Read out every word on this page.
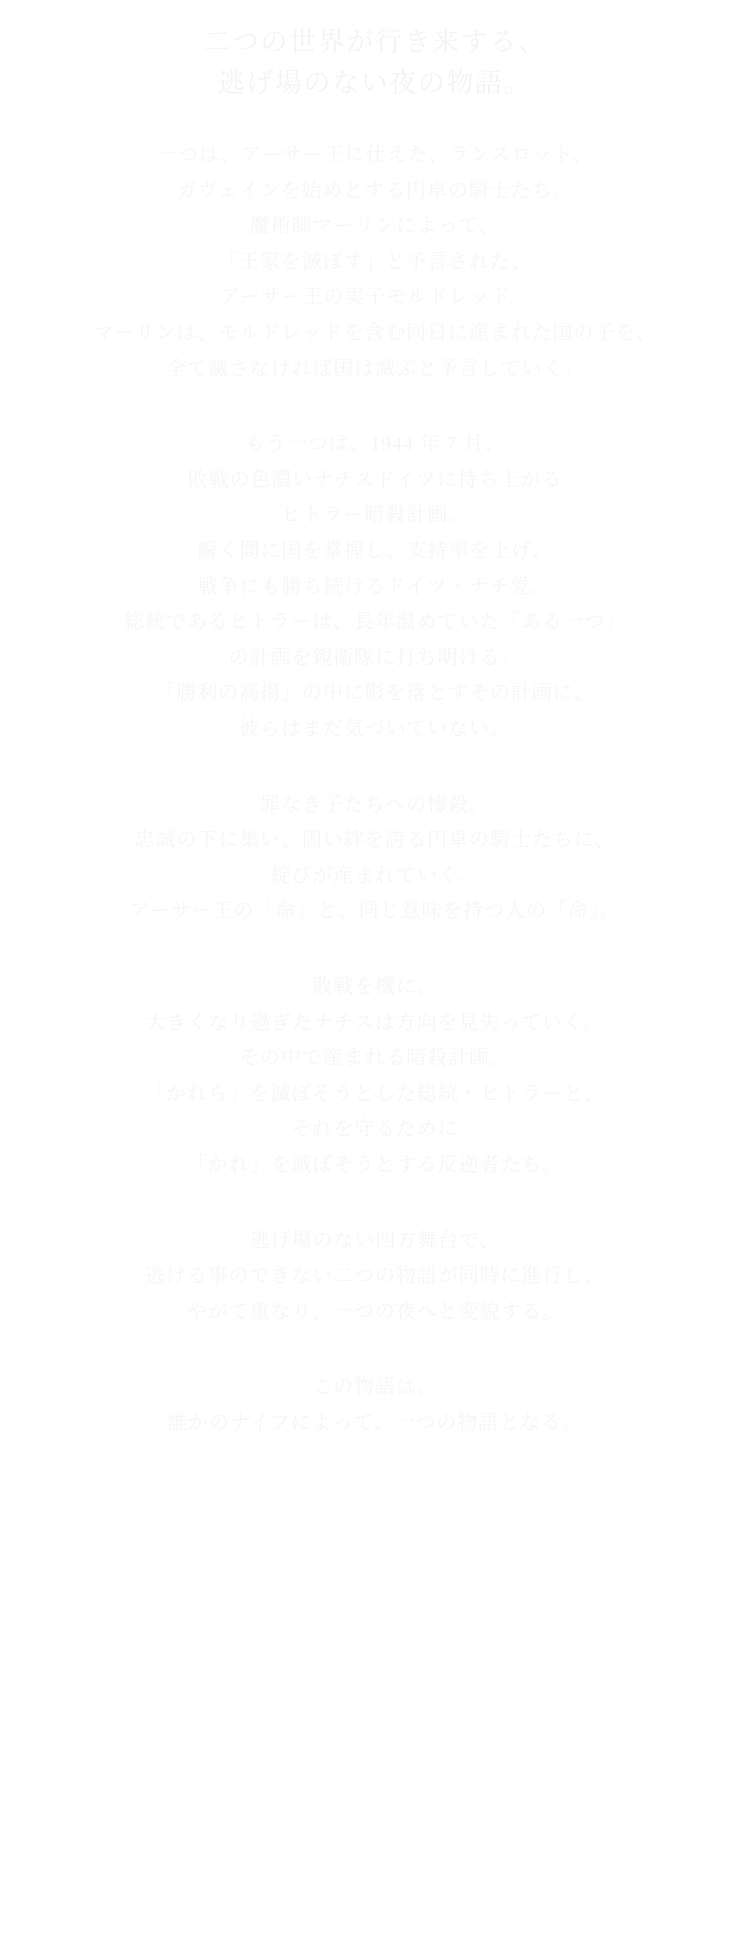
二つの世界が行き来する、
逃げ場のない夜の物語。

一つは、アーサー王に仕えた、ランスロット、
ガヴェインを始めとする円卓の騎士たち。
魔術師マーリンによって、
「王家を滅ぼす」と予言された、
アーサー王の実子モルドレッド。
マーリンは、モルドレッドを含む同日に産まれた国の子を、
全て滅さなければ国は滅ぶと予言していく。

もう一つは、1944 年 7 月、
敗戦の色濃いナチスドイツに持ち上がる
ヒトラー暗殺計画。
瞬く間に国を掌握し、支持率を上げ、
戦争にも勝ち続けるドイツ・ナチ党。
総統であるヒトラーは、長年温めていた「ある一つ」
の計画を親衛隊に打ち明ける。
「勝利の高揚」の中に影を落とすその計画に、
彼らはまだ気づいていない。

罪なき子たちへの惨殺。
忠誠の下に集い、固い絆を誇る円卓の騎士たちに、
綻びが産まれていく。
アーサー王の「命」と、同じ意味を持つ人の「命」。

敗戦を機に、
大きくなり過ぎたナチスは方向を見失っていく。
その中で産まれる暗殺計画。
「かれら」を滅ぼそうとした総統・ヒトラーと、
それを守るために
「かれ」を滅ぼそうとする反逆者たち。

逃げ場のない四方舞台で、
逃げる事のできない二つの物語が同時に進行し、
やがて重なり、一つの夜へと変貌する。

この物語は、
誰かのナイフによって、一つの物語となる。
